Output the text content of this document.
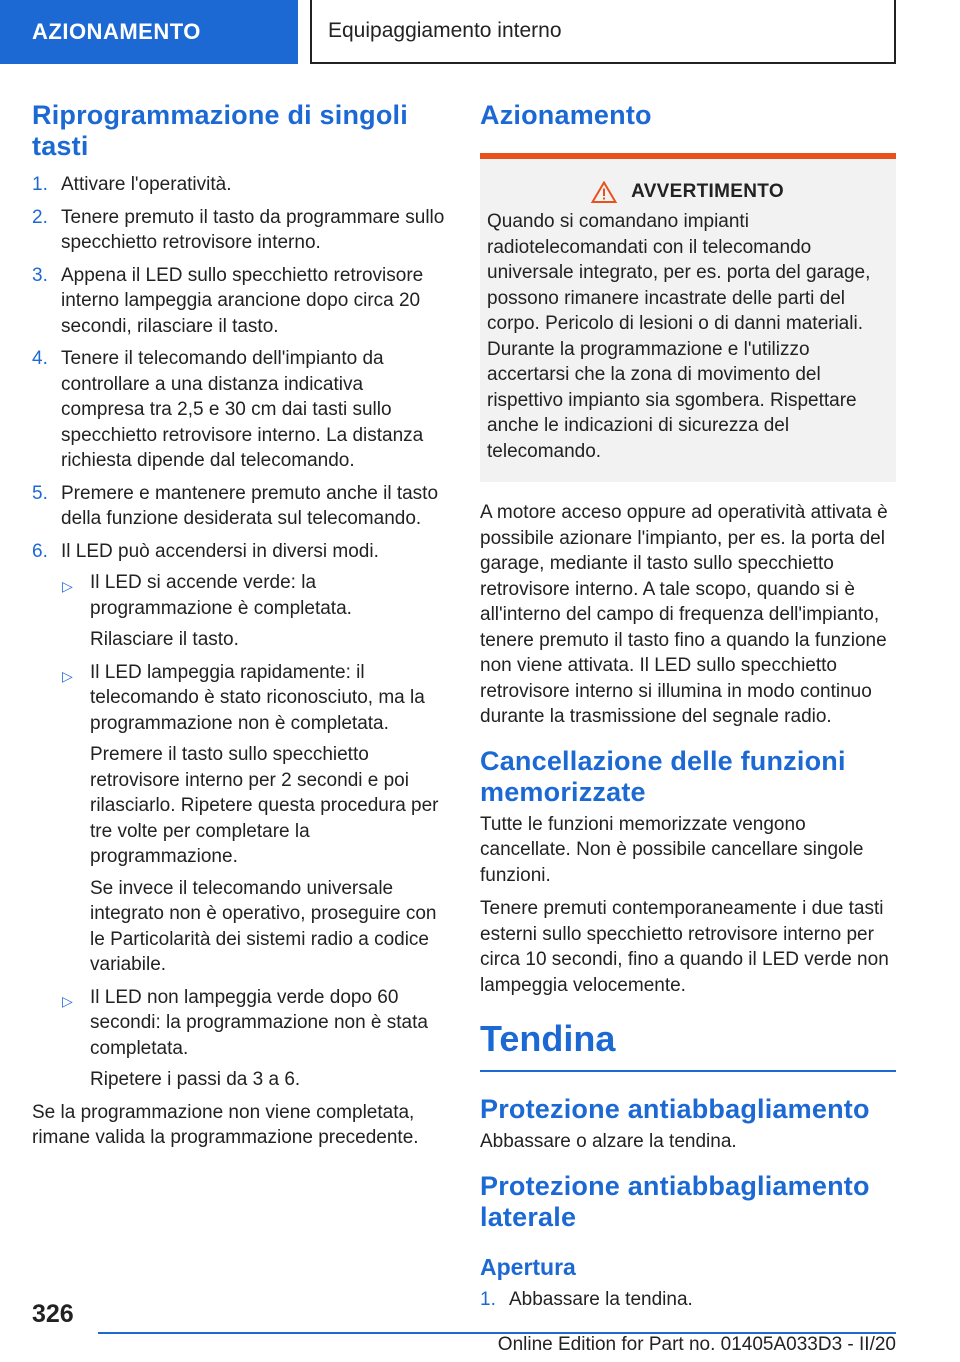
AZIONAMENTO	Equipaggiamento interno
Riprogrammazione di singoli tasti
1. Attivare l'operatività.
2. Tenere premuto il tasto da programmare sullo specchietto retrovisore interno.
3. Appena il LED sullo specchietto retrovisore interno lampeggia arancione dopo circa 20 secondi, rilasciare il tasto.
4. Tenere il telecomando dell'impianto da controllare a una distanza indicativa compresa tra 2,5 e 30 cm dai tasti sullo specchietto retrovisore interno. La distanza richiesta dipende dal telecomando.
5. Premere e mantenere premuto anche il tasto della funzione desiderata sul telecomando.
6. Il LED può accendersi in diversi modi.
▷ Il LED si accende verde: la programmazione è completata.
Rilasciare il tasto.
▷ Il LED lampeggia rapidamente: il telecomando è stato riconosciuto, ma la programmazione non è completata.
Premere il tasto sullo specchietto retrovisore interno per 2 secondi e poi rilasciarlo. Ripetere questa procedura per tre volte per completare la programmazione.
Se invece il telecomando universale integrato non è operativo, proseguire con le Particolarità dei sistemi radio a codice variabile.
▷ Il LED non lampeggia verde dopo 60 secondi: la programmazione non è stata completata.
Ripetere i passi da 3 a 6.

Se la programmazione non viene completata, rimane valida la programmazione precedente.

Azionamento
AVVERTIMENTO

Quando si comandano impianti radiotelecomandati con il telecomando universale integrato, per es. porta del garage, possono rimanere incastrate delle parti del corpo. Pericolo di lesioni o di danni materiali. Durante la programmazione e l'utilizzo accertarsi che la zona di movimento del rispettivo impianto sia sgombera. Rispettare anche le indicazioni di sicurezza del telecomando.

A motore acceso oppure ad operatività attivata è possibile azionare l'impianto, per es. la porta del garage, mediante il tasto sullo specchietto retrovisore interno. A tale scopo, quando si è all'interno del campo di frequenza dell'impianto, tenere premuto il tasto fino a quando la funzione non viene attivata. Il LED sullo specchietto retrovisore interno si illumina in modo continuo durante la trasmissione del segnale radio.

Cancellazione delle funzioni memorizzate

Tutte le funzioni memorizzate vengono cancellate. Non è possibile cancellare singole funzioni.

Tenere premuti contemporaneamente i due tasti esterni sullo specchietto retrovisore interno per circa 10 secondi, fino a quando il LED verde non lampeggia velocemente.

Tendina
Protezione antiabbagliamento

Abbassare o alzare la tendina.

Protezione antiabbagliamento laterale
Apertura
1. Abbassare la tendina.
326
Online Edition for Part no. 01405A033D3 - II/20
